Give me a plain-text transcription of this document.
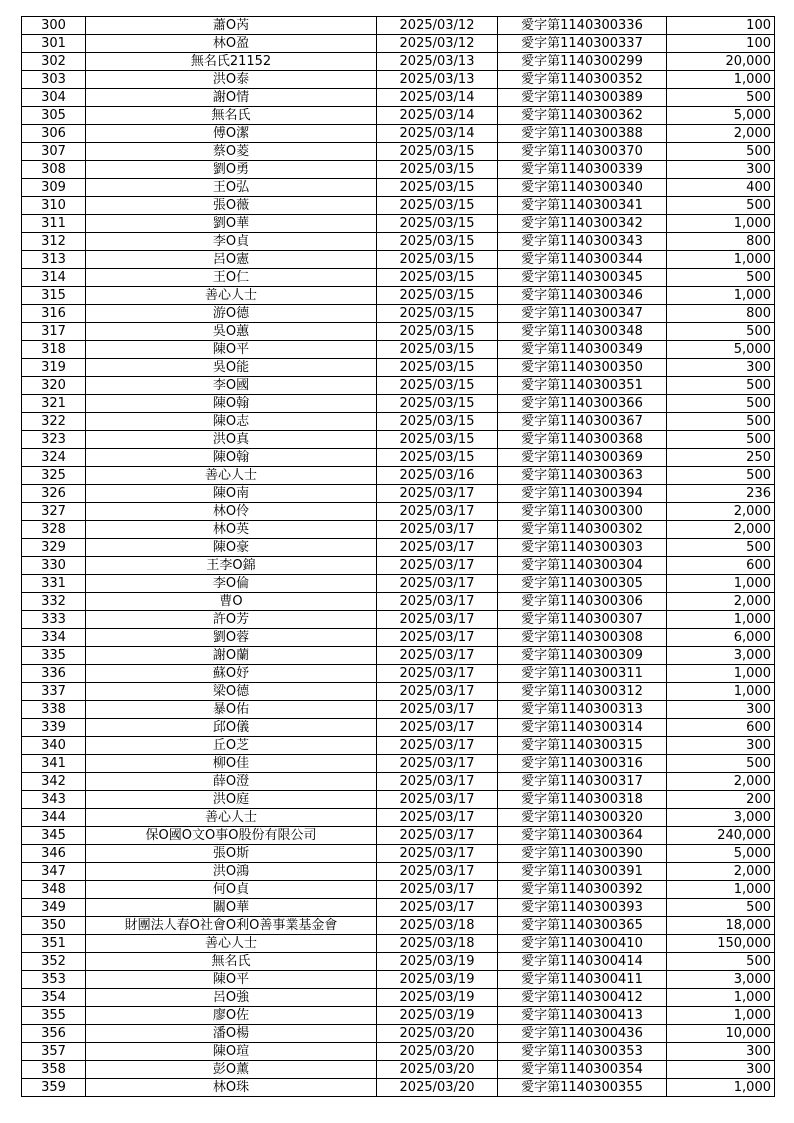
300	蕭O芮	2025/03/12	愛字第1140300336	100
301	林O盈	2025/03/12	愛字第1140300337	100
302	無名氏21152	2025/03/13	愛字第1140300299	20,000
303	洪O泰	2025/03/13	愛字第1140300352	1,000
304	謝O情	2025/03/14	愛字第1140300389	500
305	無名氏	2025/03/14	愛字第1140300362	5,000
306	傅O潔	2025/03/14	愛字第1140300388	2,000
307	蔡O菱	2025/03/15	愛字第1140300370	500
308	劉O勇	2025/03/15	愛字第1140300339	300
309	王O弘	2025/03/15	愛字第1140300340	400
310	張O薇	2025/03/15	愛字第1140300341	500
311	劉O華	2025/03/15	愛字第1140300342	1,000
312	李O貞	2025/03/15	愛字第1140300343	800
313	呂O憲	2025/03/15	愛字第1140300344	1,000
314	王O仁	2025/03/15	愛字第1140300345	500
315	善心人士	2025/03/15	愛字第1140300346	1,000
316	游O德	2025/03/15	愛字第1140300347	800
317	吳O蕙	2025/03/15	愛字第1140300348	500
318	陳O平	2025/03/15	愛字第1140300349	5,000
319	吳O能	2025/03/15	愛字第1140300350	300
320	李O國	2025/03/15	愛字第1140300351	500
321	陳O翰	2025/03/15	愛字第1140300366	500
322	陳O志	2025/03/15	愛字第1140300367	500
323	洪O真	2025/03/15	愛字第1140300368	500
324	陳O翰	2025/03/15	愛字第1140300369	250
325	善心人士	2025/03/16	愛字第1140300363	500
326	陳O南	2025/03/17	愛字第1140300394	236
327	林O伶	2025/03/17	愛字第1140300300	2,000
328	林O英	2025/03/17	愛字第1140300302	2,000
329	陳O豪	2025/03/17	愛字第1140300303	500
330	王李O錦	2025/03/17	愛字第1140300304	600
331	李O倫	2025/03/17	愛字第1140300305	1,000
332	曹O	2025/03/17	愛字第1140300306	2,000
333	許O芳	2025/03/17	愛字第1140300307	1,000
334	劉O蓉	2025/03/17	愛字第1140300308	6,000
335	謝O蘭	2025/03/17	愛字第1140300309	3,000
336	蘇O妤	2025/03/17	愛字第1140300311	1,000
337	梁O德	2025/03/17	愛字第1140300312	1,000
338	暴O佑	2025/03/17	愛字第1140300313	300
339	邱O儀	2025/03/17	愛字第1140300314	600
340	丘O芝	2025/03/17	愛字第1140300315	300
341	柳O佳	2025/03/17	愛字第1140300316	500
342	薛O澄	2025/03/17	愛字第1140300317	2,000
343	洪O庭	2025/03/17	愛字第1140300318	200
344	善心人士	2025/03/17	愛字第1140300320	3,000
345	保O國O文O事O股份有限公司	2025/03/17	愛字第1140300364	240,000
346	張O斯	2025/03/17	愛字第1140300390	5,000
347	洪O鴻	2025/03/17	愛字第1140300391	2,000
348	何O貞	2025/03/17	愛字第1140300392	1,000
349	關O華	2025/03/17	愛字第1140300393	500
350	財團法人春O社會O利O善事業基金會	2025/03/18	愛字第1140300365	18,000
351	善心人士	2025/03/18	愛字第1140300410	150,000
352	無名氏	2025/03/19	愛字第1140300414	500
353	陳O平	2025/03/19	愛字第1140300411	3,000
354	呂O強	2025/03/19	愛字第1140300412	1,000
355	廖O佐	2025/03/19	愛字第1140300413	1,000
356	潘O楊	2025/03/20	愛字第1140300436	10,000
357	陳O瑄	2025/03/20	愛字第1140300353	300
358	彭O薰	2025/03/20	愛字第1140300354	300
359	林O珠	2025/03/20	愛字第1140300355	1,000
